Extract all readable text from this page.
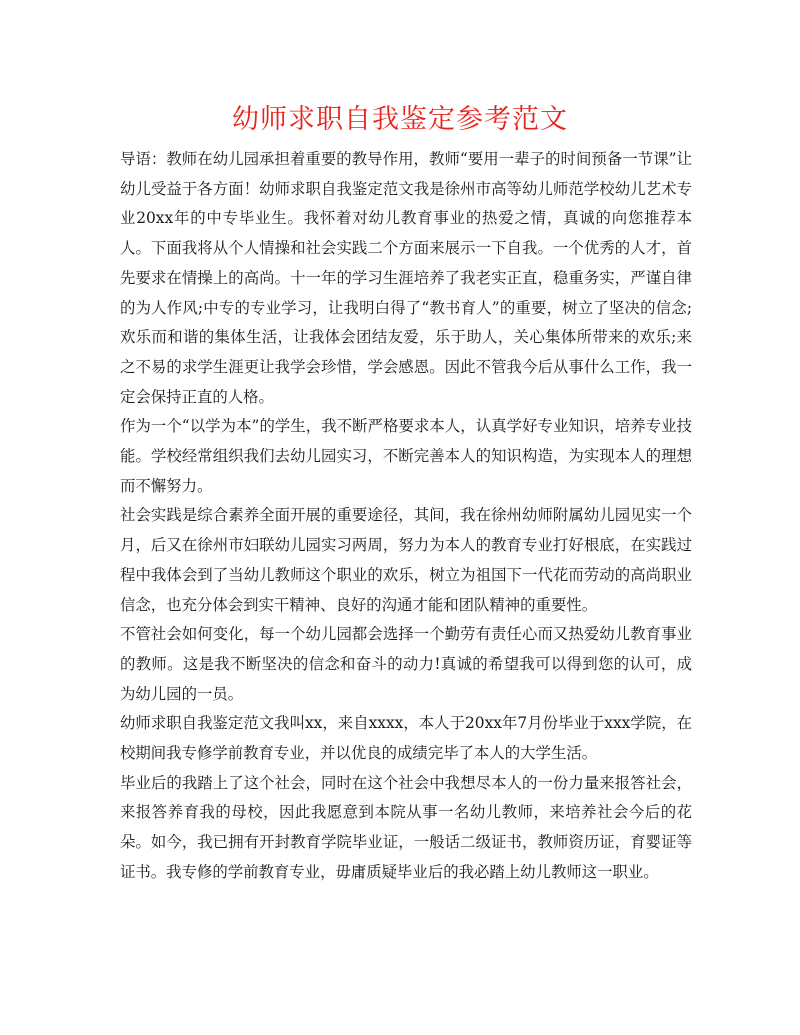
幼师求职自我鉴定参考范文

导语：教师在幼儿园承担着重要的教导作用，教师“要用一辈子的时间预备一节课”让幼儿受益于各方面！幼师求职自我鉴定范文我是徐州市高等幼儿师范学校幼儿艺术专业20xx年的中专毕业生。我怀着对幼儿教育事业的热爱之情，真诚的向您推荐本人。下面我将从个人情操和社会实践二个方面来展示一下自我。一个优秀的人才，首先要求在情操上的高尚。十一年的学习生涯培养了我老实正直，稳重务实，严谨自律的为人作风;中专的专业学习，让我明白得了“教书育人”的重要，树立了坚决的信念;欢乐而和谐的集体生活，让我体会团结友爱，乐于助人，关心集体所带来的欢乐;来之不易的求学生涯更让我学会珍惜，学会感恩。因此不管我今后从事什么工作，我一定会保持正直的人格。

作为一个“以学为本”的学生，我不断严格要求本人，认真学好专业知识，培养专业技能。学校经常组织我们去幼儿园实习，不断完善本人的知识构造，为实现本人的理想而不懈努力。

社会实践是综合素养全面开展的重要途径，其间，我在徐州幼师附属幼儿园见实一个月，后又在徐州市妇联幼儿园实习两周，努力为本人的教育专业打好根底，在实践过程中我体会到了当幼儿教师这个职业的欢乐，树立为祖国下一代花而劳动的高尚职业信念，也充分体会到实干精神、良好的沟通才能和团队精神的重要性。

不管社会如何变化，每一个幼儿园都会选择一个勤劳有责任心而又热爱幼儿教育事业的教师。这是我不断坚决的信念和奋斗的动力!真诚的希望我可以得到您的认可，成为幼儿园的一员。

幼师求职自我鉴定范文我叫xx，来自xxxx，本人于20xx年7月份毕业于xxx学院，在校期间我专修学前教育专业，并以优良的成绩完毕了本人的大学生活。

毕业后的我踏上了这个社会，同时在这个社会中我想尽本人的一份力量来报答社会，来报答养育我的母校，因此我愿意到本院从事一名幼儿教师，来培养社会今后的花朵。如今，我已拥有开封教育学院毕业证，一般话二级证书，教师资历证，育婴证等证书。我专修的学前教育专业，毋庸质疑毕业后的我必踏上幼儿教师这一职业。
